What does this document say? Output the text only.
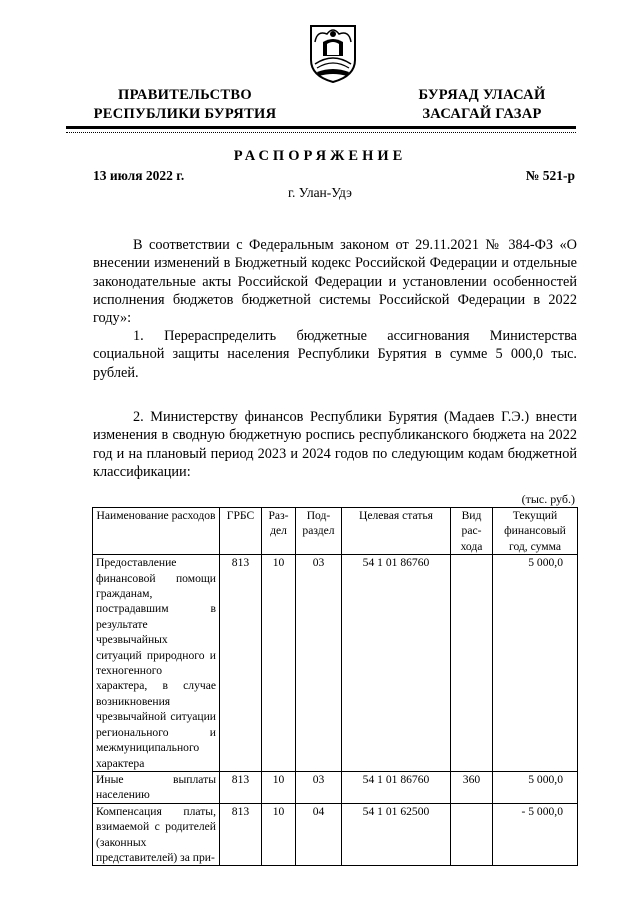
ПРАВИТЕЛЬСТВО
РЕСПУБЛИКИ БУРЯТИЯ
БУРЯАД УЛАСАЙ
ЗАСАГАЙ ГАЗАР
РАСПОРЯЖЕНИЕ
13 июля 2022 г.	№ 521-р
г. Улан-Удэ
В соответствии с Федеральным законом от 29.11.2021 № 384-ФЗ «О внесении изменений в Бюджетный кодекс Российской Федерации и отдельные законодательные акты Российской Федерации и установлении особенностей исполнения бюджетов бюджетной системы Российской Федерации в 2022 году»:
1. Перераспределить бюджетные ассигнования Министерства социальной защиты населения Республики Бурятия в сумме 5 000,0 тыс. рублей.
2. Министерству финансов Республики Бурятия (Мадаев Г.Э.) внести изменения в сводную бюджетную роспись республиканского бюджета на 2022 год и на плановый период 2023 и 2024 годов по следующим кодам бюджетной классификации:
(тыс. руб.)
Наименование расходов	ГРБС	Раз-дел	Под-раздел	Целевая статья	Вид рас-хода	Текущий финансовый год, сумма
Предоставление финансовой помощи гражданам, пострадавшим в результате чрезвычайных ситуаций природного и техногенного характера, в случае возникновения чрезвычайной ситуации регионального и межмуниципального характера	813	10	03	54 1 01 86760		5 000,0
Иные выплаты населению	813	10	03	54 1 01 86760	360	5 000,0
Компенсация платы, взимаемой с родителей (законных представителей) за при-	813	10	04	54 1 01 62500		- 5 000,0
